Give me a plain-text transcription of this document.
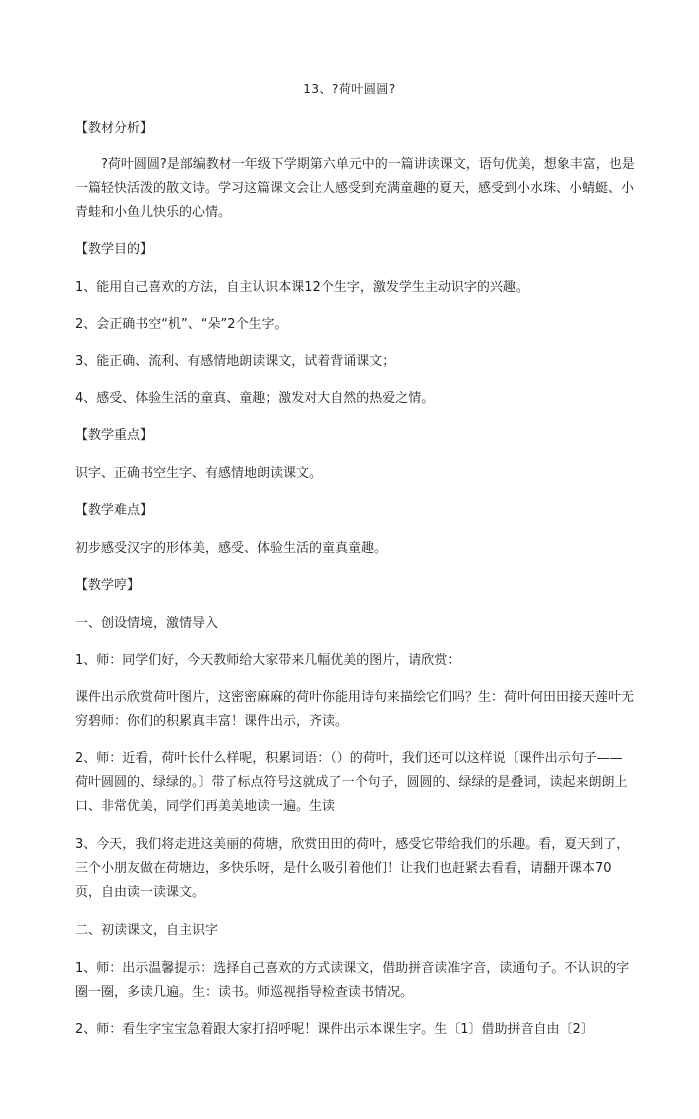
13、?荷叶圆圆?

【教材分析】

?荷叶圆圆?是部编教材一年级下学期第六单元中的一篇讲读课文，语句优美，想象丰富，也是一篇轻快活泼的散文诗。学习这篇课文会让人感受到充满童趣的夏天，感受到小水珠、小蜻蜓、小青蛙和小鱼儿快乐的心情。

【教学目的】

1、能用自己喜欢的方法，自主认识本课12个生字，激发学生主动识字的兴趣。

2、会正确书空“机”、“朵”2个生字。

3、能正确、流利、有感情地朗读课文，试着背诵课文；

4、感受、体验生活的童真、童趣；激发对大自然的热爱之情。

【教学重点】

识字、正确书空生字、有感情地朗读课文。

【教学难点】

初步感受汉字的形体美，感受、体验生活的童真童趣。

【教学哼】

一、创设情境，激情导入

1、师：同学们好，今天教师给大家带来几幅优美的图片，请欣赏：

课件出示欣赏荷叶图片，这密密麻麻的荷叶你能用诗句来描绘它们吗？生：荷叶何田田接天莲叶无穷碧师：你们的积累真丰富！课件出示，齐读。

2、师：近看，荷叶长什么样呢，积累词语：（）的荷叶，我们还可以这样说〔课件出示句子——荷叶圆圆的、绿绿的。〕带了标点符号这就成了一个句子，圆圆的、绿绿的是叠词，读起来朗朗上口、非常优美，同学们再美美地读一遍。生读

3、今天，我们将走进这美丽的荷塘，欣赏田田的荷叶，感受它带给我们的乐趣。看，夏天到了，三个小朋友做在荷塘边，多快乐呀，是什么吸引着他们！让我们也赶紧去看看，请翻开课本70页，自由读一读课文。

二、初读课文，自主识字

1、师：出示温馨提示：选择自己喜欢的方式读课文，借助拼音读准字音，读通句子。不认识的字圈一圈，多读几遍。生：读书。师巡视指导检查读书情况。

2、师：看生字宝宝急着跟大家打招呼呢！课件出示本课生字。生〔1〕借助拼音自由〔2〕
